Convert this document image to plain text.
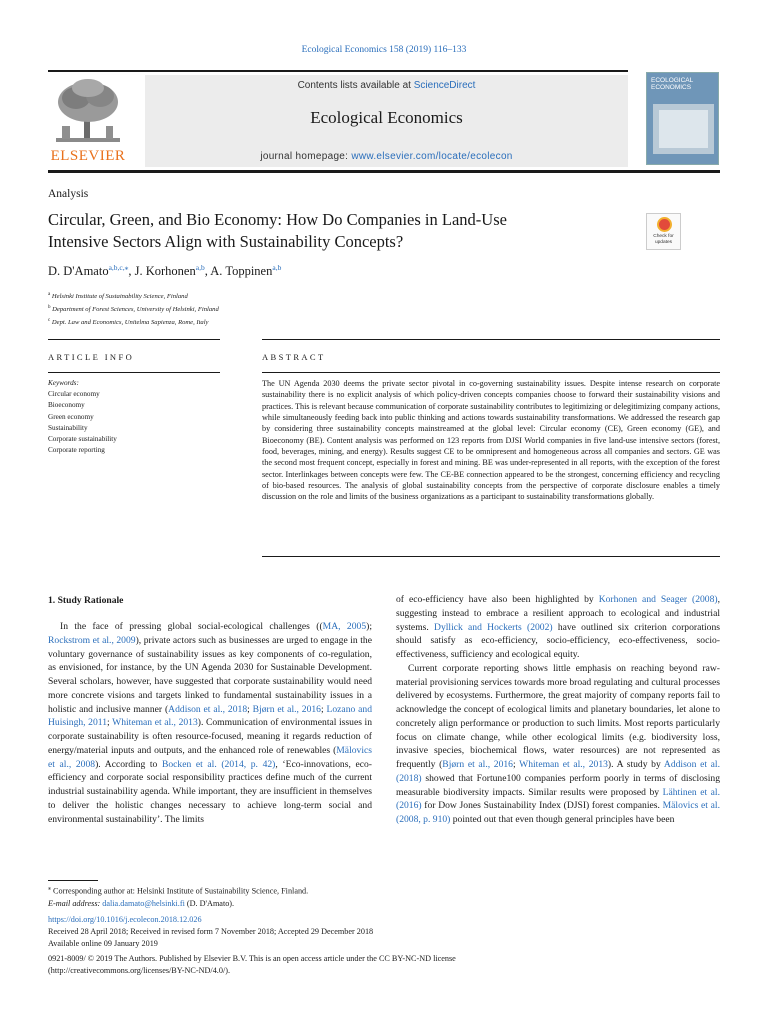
Ecological Economics 158 (2019) 116–133
ELSEVIER
Contents lists available at ScienceDirect
Ecological Economics
journal homepage: www.elsevier.com/locate/ecolecon
ECOLOGICAL ECONOMICS
Analysis
Circular, Green, and Bio Economy: How Do Companies in Land-Use
Intensive Sectors Align with Sustainability Concepts?	Check for
updates
D. D'Amato$^{a,b,c,⁎}$, J. Korhonen$^{a,b}$, A. Toppinen$^{a,b}$
$^a$ Helsinki Institute of Sustainability Science, Finland
$^b$ Department of Forest Sciences, University of Helsinki, Finland
$^c$ Dept. Law and Economics, Unitelma Sapienza, Rome, Italy
ARTICLE INFO	ABSTRACT
Keywords:
Circular economy
Bioeconomy
Green economy
Sustainability
Corporate sustainability
Corporate reporting
The UN Agenda 2030 deems the private sector pivotal in co-governing sustainability issues. Despite intense research on corporate sustainability there is no explicit analysis of which policy-driven concepts companies choose to forward their sustainability visions and practices. This is relevant because communication of corporate sustainability contributes to legitimizing or delegitimizing company actions, while simultaneously feeding back into public thinking and actions towards sustainability transformations. We addressed the research gap by considering three sustainability concepts mainstreamed at the global level: Circular economy (CE), Green economy (GE), and Bioeconomy (BE). Content analysis was performed on 123 reports from DJSI World companies in five land-use intensive sectors (forest, food, beverages, mining, and energy). Results suggest CE to be omnipresent and homogeneous across all companies and sectors. GE was the second most frequent concept, especially in forest and mining. BE was under-represented in all reports, with the exception of the forest sector. Interlinkages between concepts were few. The CE-BE connection appeared to be the strongest, concerning efficiency and recycling of bio-based resources. The analysis of global sustainability concepts from the perspective of corporate disclosure enables a timely discussion on the role and limits of the business organizations as a participant to sustainability transformations globally.
1. Study Rationale

In the face of pressing global social-ecological challenges ((MA, 2005); Rockstrom et al., 2009), private actors such as businesses are urged to engage in the voluntary governance of sustainability issues as key components of co-regulation, as envisioned, for instance, by the UN Agenda 2030 for Sustainable Development. Several scholars, however, have suggested that corporate sustainability would need more concrete visions and targets linked to fundamental sustainability issues in a holistic and inclusive manner (Addison et al., 2018; Bjørn et al., 2016; Lozano and Huisingh, 2011; Whiteman et al., 2013). Communication of environmental issues in corporate sustainability is often resource-focused, meaning it regards reduction of energy/material inputs and outputs, and the enhanced role of renewables (Mälovics et al., 2008). According to Bocken et al. (2014, p. 42), ‘Eco-innovations, eco-efficiency and corporate social responsibility practices define much of the current industrial sustainability agenda. While important, they are insufficient in themselves to deliver the holistic changes necessary to achieve long-term social and environmental sustainability’. The limits

of eco-efficiency have also been highlighted by Korhonen and Seager (2008), suggesting instead to embrace a resilient approach to ecological and industrial systems. Dyllick and Hockerts (2002) have outlined six criterion corporations should satisfy as eco-efficiency, socio-efficiency, eco-effectiveness, socio-effectiveness, sufficiency and ecological equity.

Current corporate reporting shows little emphasis on reaching beyond raw-material provisioning services towards more broad regulating and cultural processes delivered by ecosystems. Furthermore, the great majority of company reports fail to acknowledge the concept of ecological limits and planetary boundaries, let alone to concretely align performance or production to such limits. Most reports particularly focus on climate change, while other ecological limits (e.g. biodiversity loss, invasive species, biochemical flows, water resources) are not represented as frequently (Bjørn et al., 2016; Whiteman et al., 2013). A study by Addison et al. (2018) showed that Fortune100 companies perform poorly in terms of disclosing measurable biodiversity impacts. Similar results were proposed by Lähtinen et al. (2016) for Dow Jones Sustainability Index (DJSI) forest companies. Mälovics et al. (2008, p. 910) pointed out that even though general principles have been

⁎ Corresponding author at: Helsinki Institute of Sustainability Science, Finland.
E-mail address: dalia.damato@helsinki.fi (D. D'Amato).
https://doi.org/10.1016/j.ecolecon.2018.12.026
Received 28 April 2018; Received in revised form 7 November 2018; Accepted 29 December 2018
Available online 09 January 2019
0921-8009/ © 2019 The Authors. Published by Elsevier B.V. This is an open access article under the CC BY-NC-ND license
(http://creativecommons.org/licenses/BY-NC-ND/4.0/).
